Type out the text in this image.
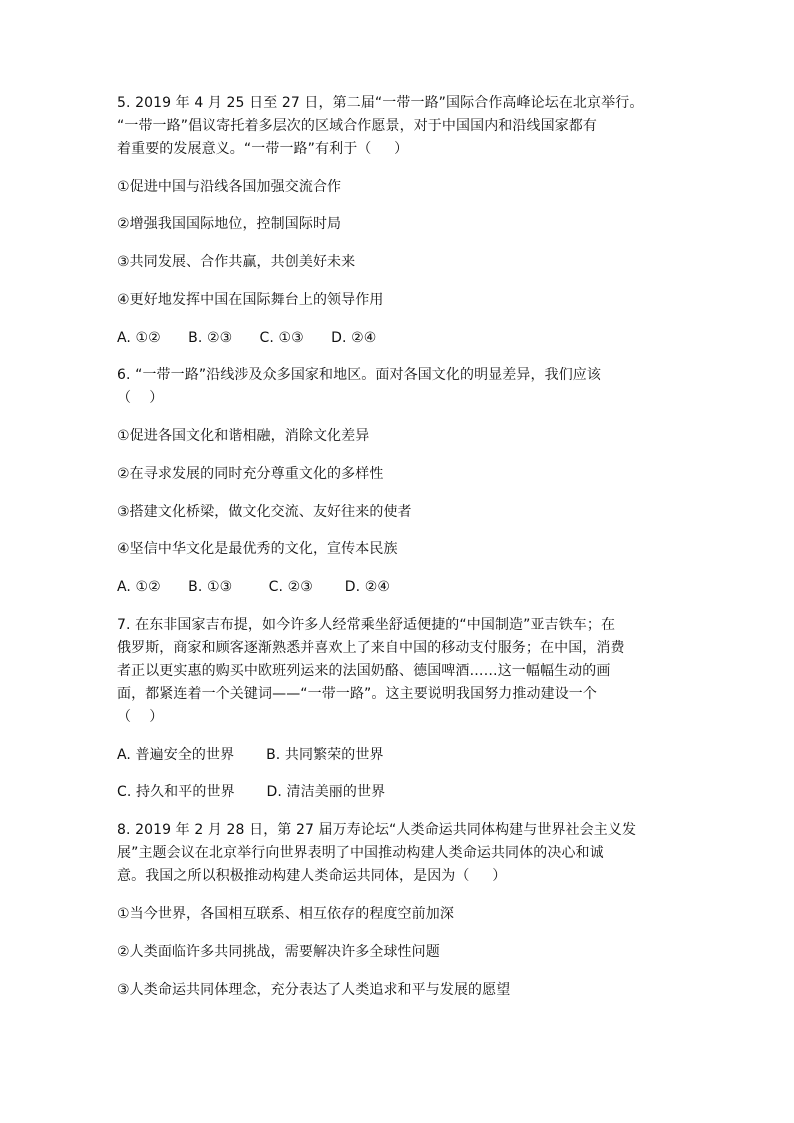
5. 2019 年 4 月 25 日至 27 日，第二届“一带一路”国际合作高峰论坛在北京举行。
“一带一路”倡议寄托着多层次的区域合作愿景，对于中国国内和沿线国家都有
着重要的发展意义。“一带一路”有利于（     ）
①促进中国与沿线各国加强交流合作
②增强我国国际地位，控制国际时局
③共同发展、合作共赢，共创美好未来
④更好地发挥中国在国际舞台上的领导作用
A. ①②      B. ②③      C. ①③      D. ②④
6. “一带一路”沿线涉及众多国家和地区。面对各国文化的明显差异，我们应该
（    ）
①促进各国文化和谐相融，消除文化差异
②在寻求发展的同时充分尊重文化的多样性
③搭建文化桥梁，做文化交流、友好往来的使者
④坚信中华文化是最优秀的文化，宣传本民族
A. ①②      B. ①③        C. ②③       D. ②④
7. 在东非国家吉布提，如今许多人经常乘坐舒适便捷的“中国制造”亚吉铁车；在
俄罗斯，商家和顾客逐渐熟悉并喜欢上了来自中国的移动支付服务；在中国，消费
者正以更实惠的购买中欧班列运来的法国奶酪、德国啤酒……这一幅幅生动的画
面，都紧连着一个关键词——“一带一路”。这主要说明我国努力推动建设一个
（    ）
A. 普遍安全的世界       B. 共同繁荣的世界
C. 持久和平的世界       D. 清洁美丽的世界
8. 2019 年 2 月 28 日，第 27 届万寿论坛“人类命运共同体构建与世界社会主义发
展”主题会议在北京举行向世界表明了中国推动构建人类命运共同体的决心和诚
意。我国之所以积极推动构建人类命运共同体，是因为（     ）
①当今世界，各国相互联系、相互依存的程度空前加深
②人类面临许多共同挑战，需要解决许多全球性问题
③人类命运共同体理念，充分表达了人类追求和平与发展的愿望
